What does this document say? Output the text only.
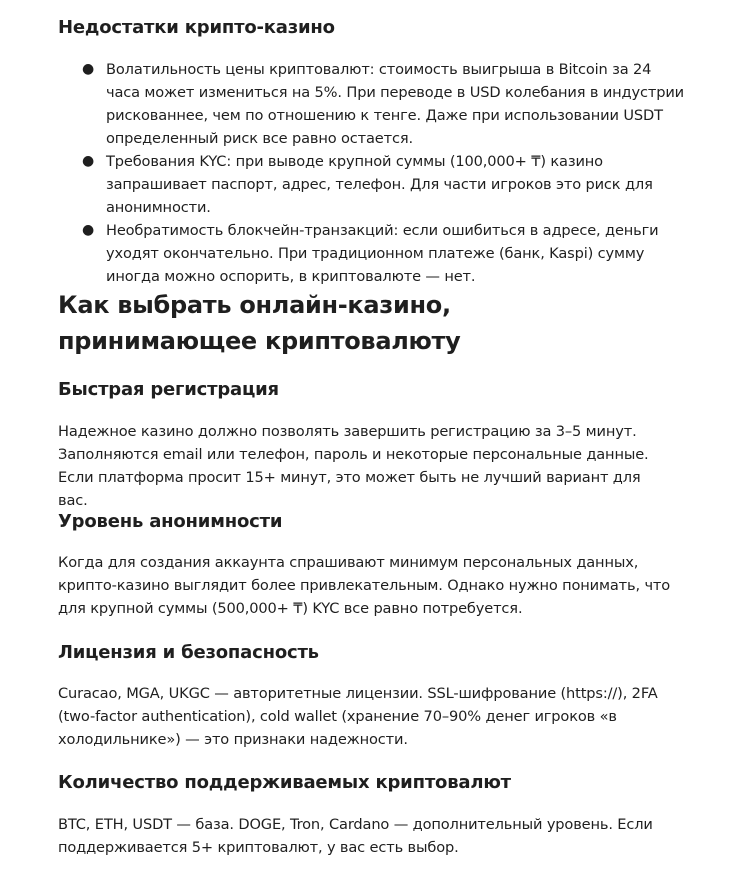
Недостатки крипто-казино
● Волатильность цены криптовалют: стоимость выигрыша в Bitcoin за 24 часа может измениться на 5%. При переводе в USD колебания в индустрии рискованнее, чем по отношению к тенге. Даже при использовании USDT определенный риск все равно остается.
● Требования KYC: при выводе крупной суммы (100,000+ ₸) казино запрашивает паспорт, адрес, телефон. Для части игроков это риск для анонимности.
● Необратимость блокчейн-транзакций: если ошибиться в адресе, деньги уходят окончательно. При традиционном платеже (банк, Kaspi) сумму иногда можно оспорить, в криптовалюте — нет.
Как выбрать онлайн-казино, принимающее криптовалюту
Быстрая регистрация

Надежное казино должно позволять завершить регистрацию за 3–5 минут. Заполняются email или телефон, пароль и некоторые персональные данные. Если платформа просит 15+ минут, это может быть не лучший вариант для вас.

Уровень анонимности

Когда для создания аккаунта спрашивают минимум персональных данных, крипто-казино выглядит более привлекательным. Однако нужно понимать, что для крупной суммы (500,000+ ₸) KYC все равно потребуется.

Лицензия и безопасность

Curacao, MGA, UKGC — авторитетные лицензии. SSL-шифрование (https://), 2FA (two-factor authentication), cold wallet (хранение 70–90% денег игроков «в холодильнике») — это признаки надежности.

Количество поддерживаемых криптовалют

BTC, ETH, USDT — база. DOGE, Tron, Cardano — дополнительный уровень. Если поддерживается 5+ криптовалют, у вас есть выбор.
